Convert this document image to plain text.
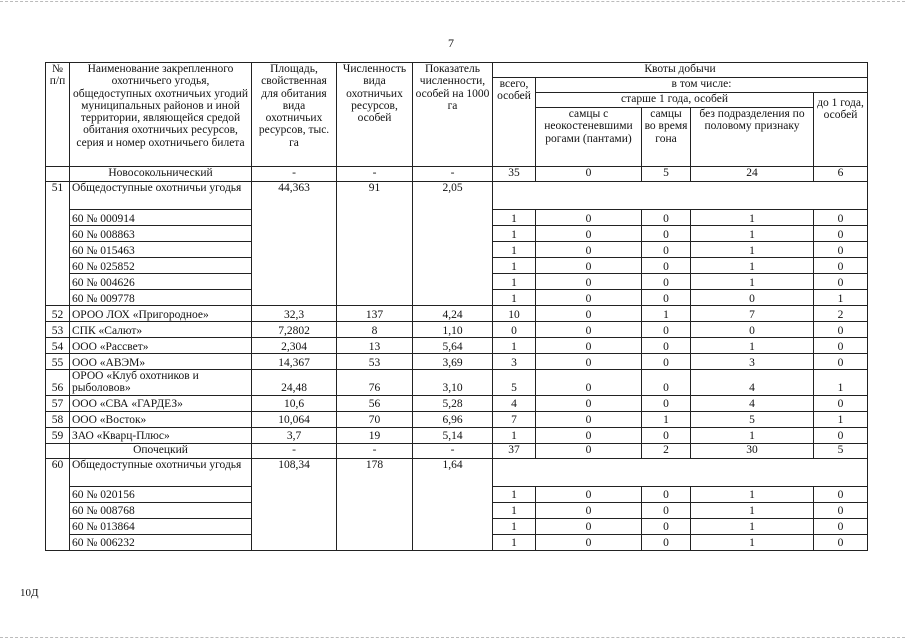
7
№ п/п	Наименование закрепленного охотничьего угодья, общедоступных охотничьих угодий муниципальных районов и иной территории, являющейся средой обитания охотничьих ресурсов, серия и номер охотничьего билета	Площадь, свойственная для обитания вида охотничьих ресурсов, тыс. га	Численность вида охотничьих ресурсов, особей	Показатель численности, особей на 1000 га	Квоты добычи				
					всего, особей	в том числе:			
						старше 1 года, особей			до 1 года, особей
						самцы с неокостеневшими рогами (пантами)	самцы во время гона	без подразделения по половому признаку	
	Новосокольнический	-	-	-	35	0	5	24	6
51	Общедоступные охотничьи угодья	44,363	91	2,05					
	60 № 000914				1	0	0	1	0
	60 № 008863				1	0	0	1	0
	60 № 015463				1	0	0	1	0
	60 № 025852				1	0	0	1	0
	60 № 004626				1	0	0	1	0
	60 № 009778				1	0	0	0	1
52	ОРОО ЛОХ «Пригородное»	32,3	137	4,24	10	0	1	7	2
53	СПК «Салют»	7,2802	8	1,10	0	0	0	0	0
54	ООО «Рассвет»	2,304	13	5,64	1	0	0	1	0
55	ООО «АВЭМ»	14,367	53	3,69	3	0	0	3	0
56	ОРОО «Клуб охотников и рыболовов»	24,48	76	3,10	5	0	0	4	1
57	ООО «СВА «ГАРДЕЗ»	10,6	56	5,28	4	0	0	4	0
58	ООО «Восток»	10,064	70	6,96	7	0	1	5	1
59	ЗАО «Кварц-Плюс»	3,7	19	5,14	1	0	0	1	0
	Опочецкий	-	-	-	37	0	2	30	5
60	Общедоступные охотничьи угодья	108,34	178	1,64					
	60 № 020156				1	0	0	1	0
	60 № 008768				1	0	0	1	0
	60 № 013864				1	0	0	1	0
	60 № 006232				1	0	0	1	0
10Д
